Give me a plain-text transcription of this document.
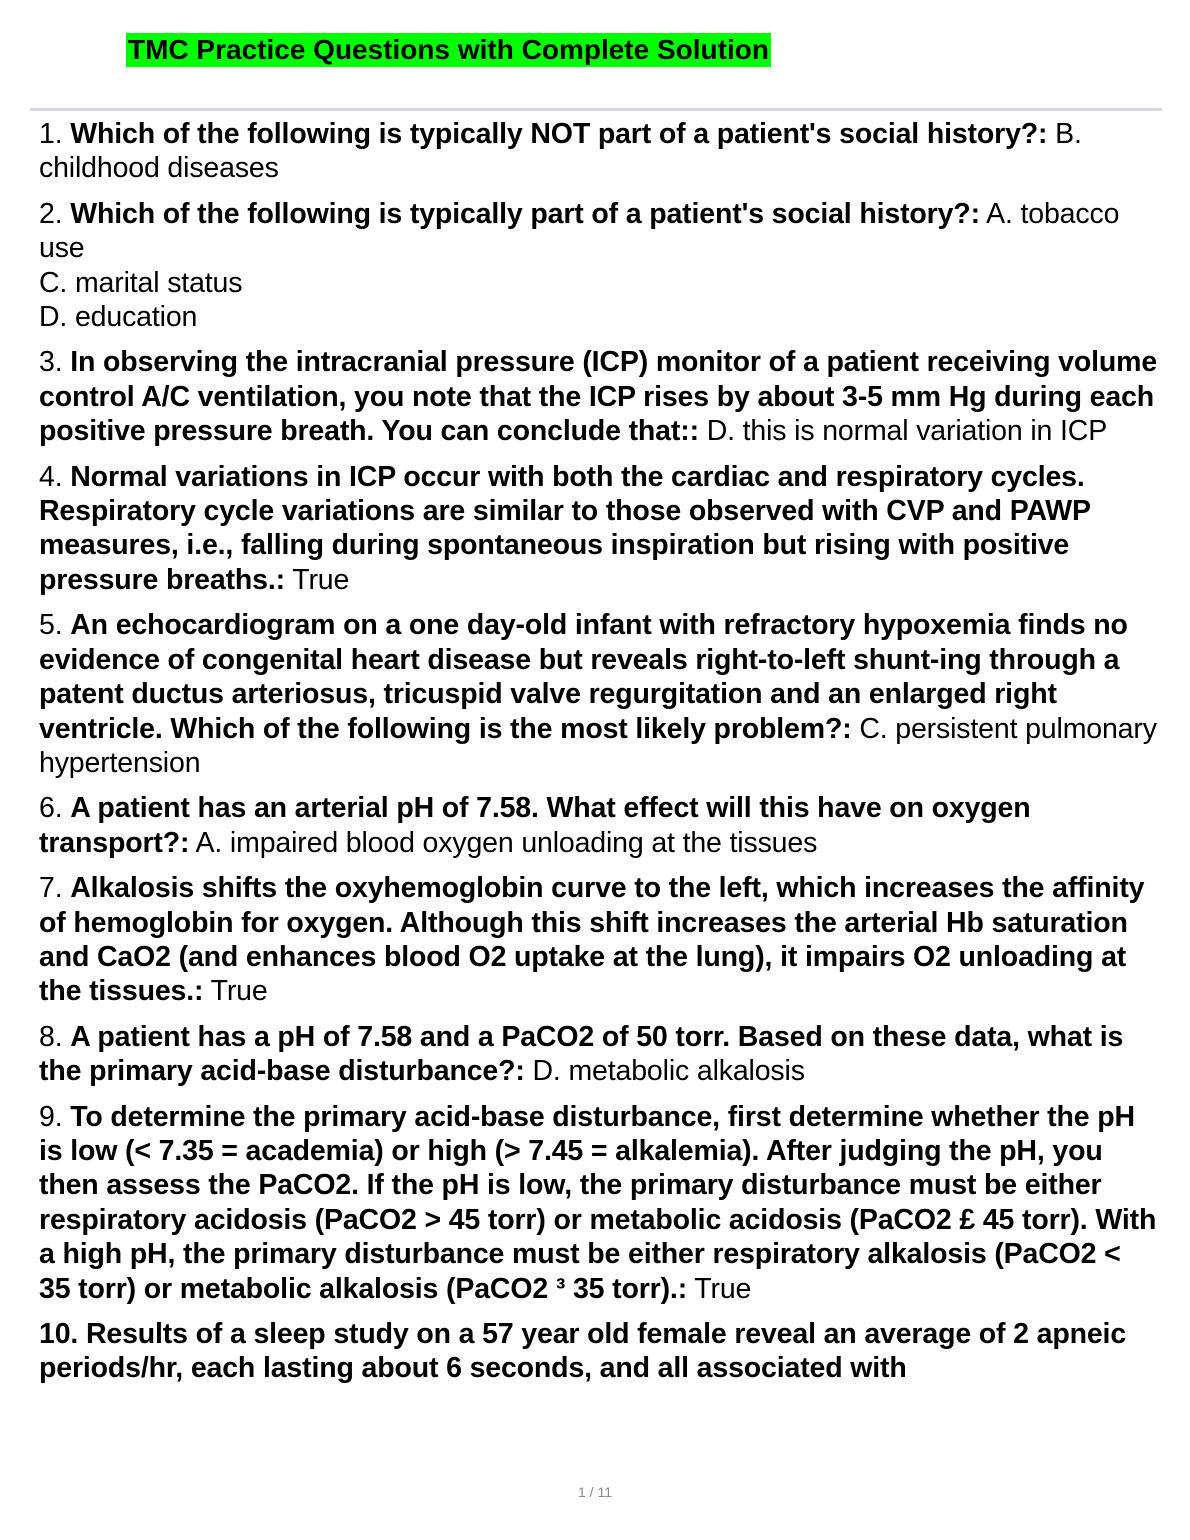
TMC Practice Questions with Complete Solution
1. Which of the following is typically NOT part of a patient's social history?: B. childhood diseases
2. Which of the following is typically part of a patient's social history?: A. tobacco use
C. marital status
D. education
3. In observing the intracranial pressure (ICP) monitor of a patient receiving volume control A/C ventilation, you note that the ICP rises by about 3-5 mm Hg during each positive pressure breath. You can conclude that:: D. this is normal variation in ICP
4. Normal variations in ICP occur with both the cardiac and respiratory cycles. Respiratory cycle variations are similar to those observed with CVP and PAWP measures, i.e., falling during spontaneous inspiration but rising with positive pressure breaths.: True
5. An echocardiogram on a one day-old infant with refractory hypoxemia finds no evidence of congenital heart disease but reveals right-to-left shunt-ing through a patent ductus arteriosus, tricuspid valve regurgitation and an enlarged right ventricle. Which of the following is the most likely problem?: C. persistent pulmonary hypertension
6. A patient has an arterial pH of 7.58. What effect will this have on oxygen transport?: A. impaired blood oxygen unloading at the tissues
7. Alkalosis shifts the oxyhemoglobin curve to the left, which increases the affinity of hemoglobin for oxygen. Although this shift increases the arterial Hb saturation and CaO2 (and enhances blood O2 uptake at the lung), it impairs O2 unloading at the tissues.: True
8. A patient has a pH of 7.58 and a PaCO2 of 50 torr. Based on these data, what is the primary acid-base disturbance?: D. metabolic alkalosis
9. To determine the primary acid-base disturbance, first determine whether the pH is low (< 7.35 = academia) or high (> 7.45 = alkalemia). After judging the pH, you then assess the PaCO2. If the pH is low, the primary disturbance must be either respiratory acidosis (PaCO2 > 45 torr) or metabolic acidosis (PaCO2 £ 45 torr). With a high pH, the primary disturbance must be either respiratory alkalosis (PaCO2 < 35 torr) or metabolic alkalosis (PaCO2 ³ 35 torr).: True
10. Results of a sleep study on a 57 year old female reveal an average of 2 apneic periods/hr, each lasting about 6 seconds, and all associated with
1 / 11
